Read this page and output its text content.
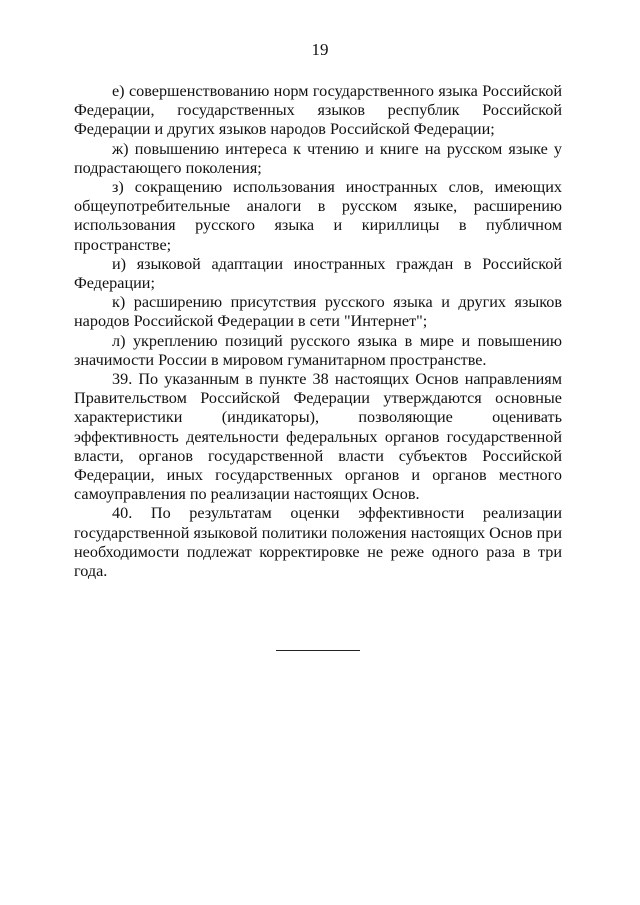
19

е) совершенствованию норм государственного языка Российской Федерации, государственных языков республик Российской Федерации и других языков народов Российской Федерации;

ж) повышению интереса к чтению и книге на русском языке у подрастающего поколения;

з) сокращению использования иностранных слов, имеющих общеупотребительные аналоги в русском языке, расширению использования русского языка и кириллицы в публичном пространстве;

и) языковой адаптации иностранных граждан в Российской Федерации;

к) расширению присутствия русского языка и других языков народов Российской Федерации в сети "Интернет";

л) укреплению позиций русского языка в мире и повышению значимости России в мировом гуманитарном пространстве.

39. По указанным в пункте 38 настоящих Основ направлениям Правительством Российской Федерации утверждаются основные характеристики (индикаторы), позволяющие оценивать эффективность деятельности федеральных органов государственной власти, органов государственной власти субъектов Российской Федерации, иных государственных органов и органов местного самоуправления по реализации настоящих Основ.

40. По результатам оценки эффективности реализации государственной языковой политики положения настоящих Основ при необходимости подлежат корректировке не реже одного раза в три года.
